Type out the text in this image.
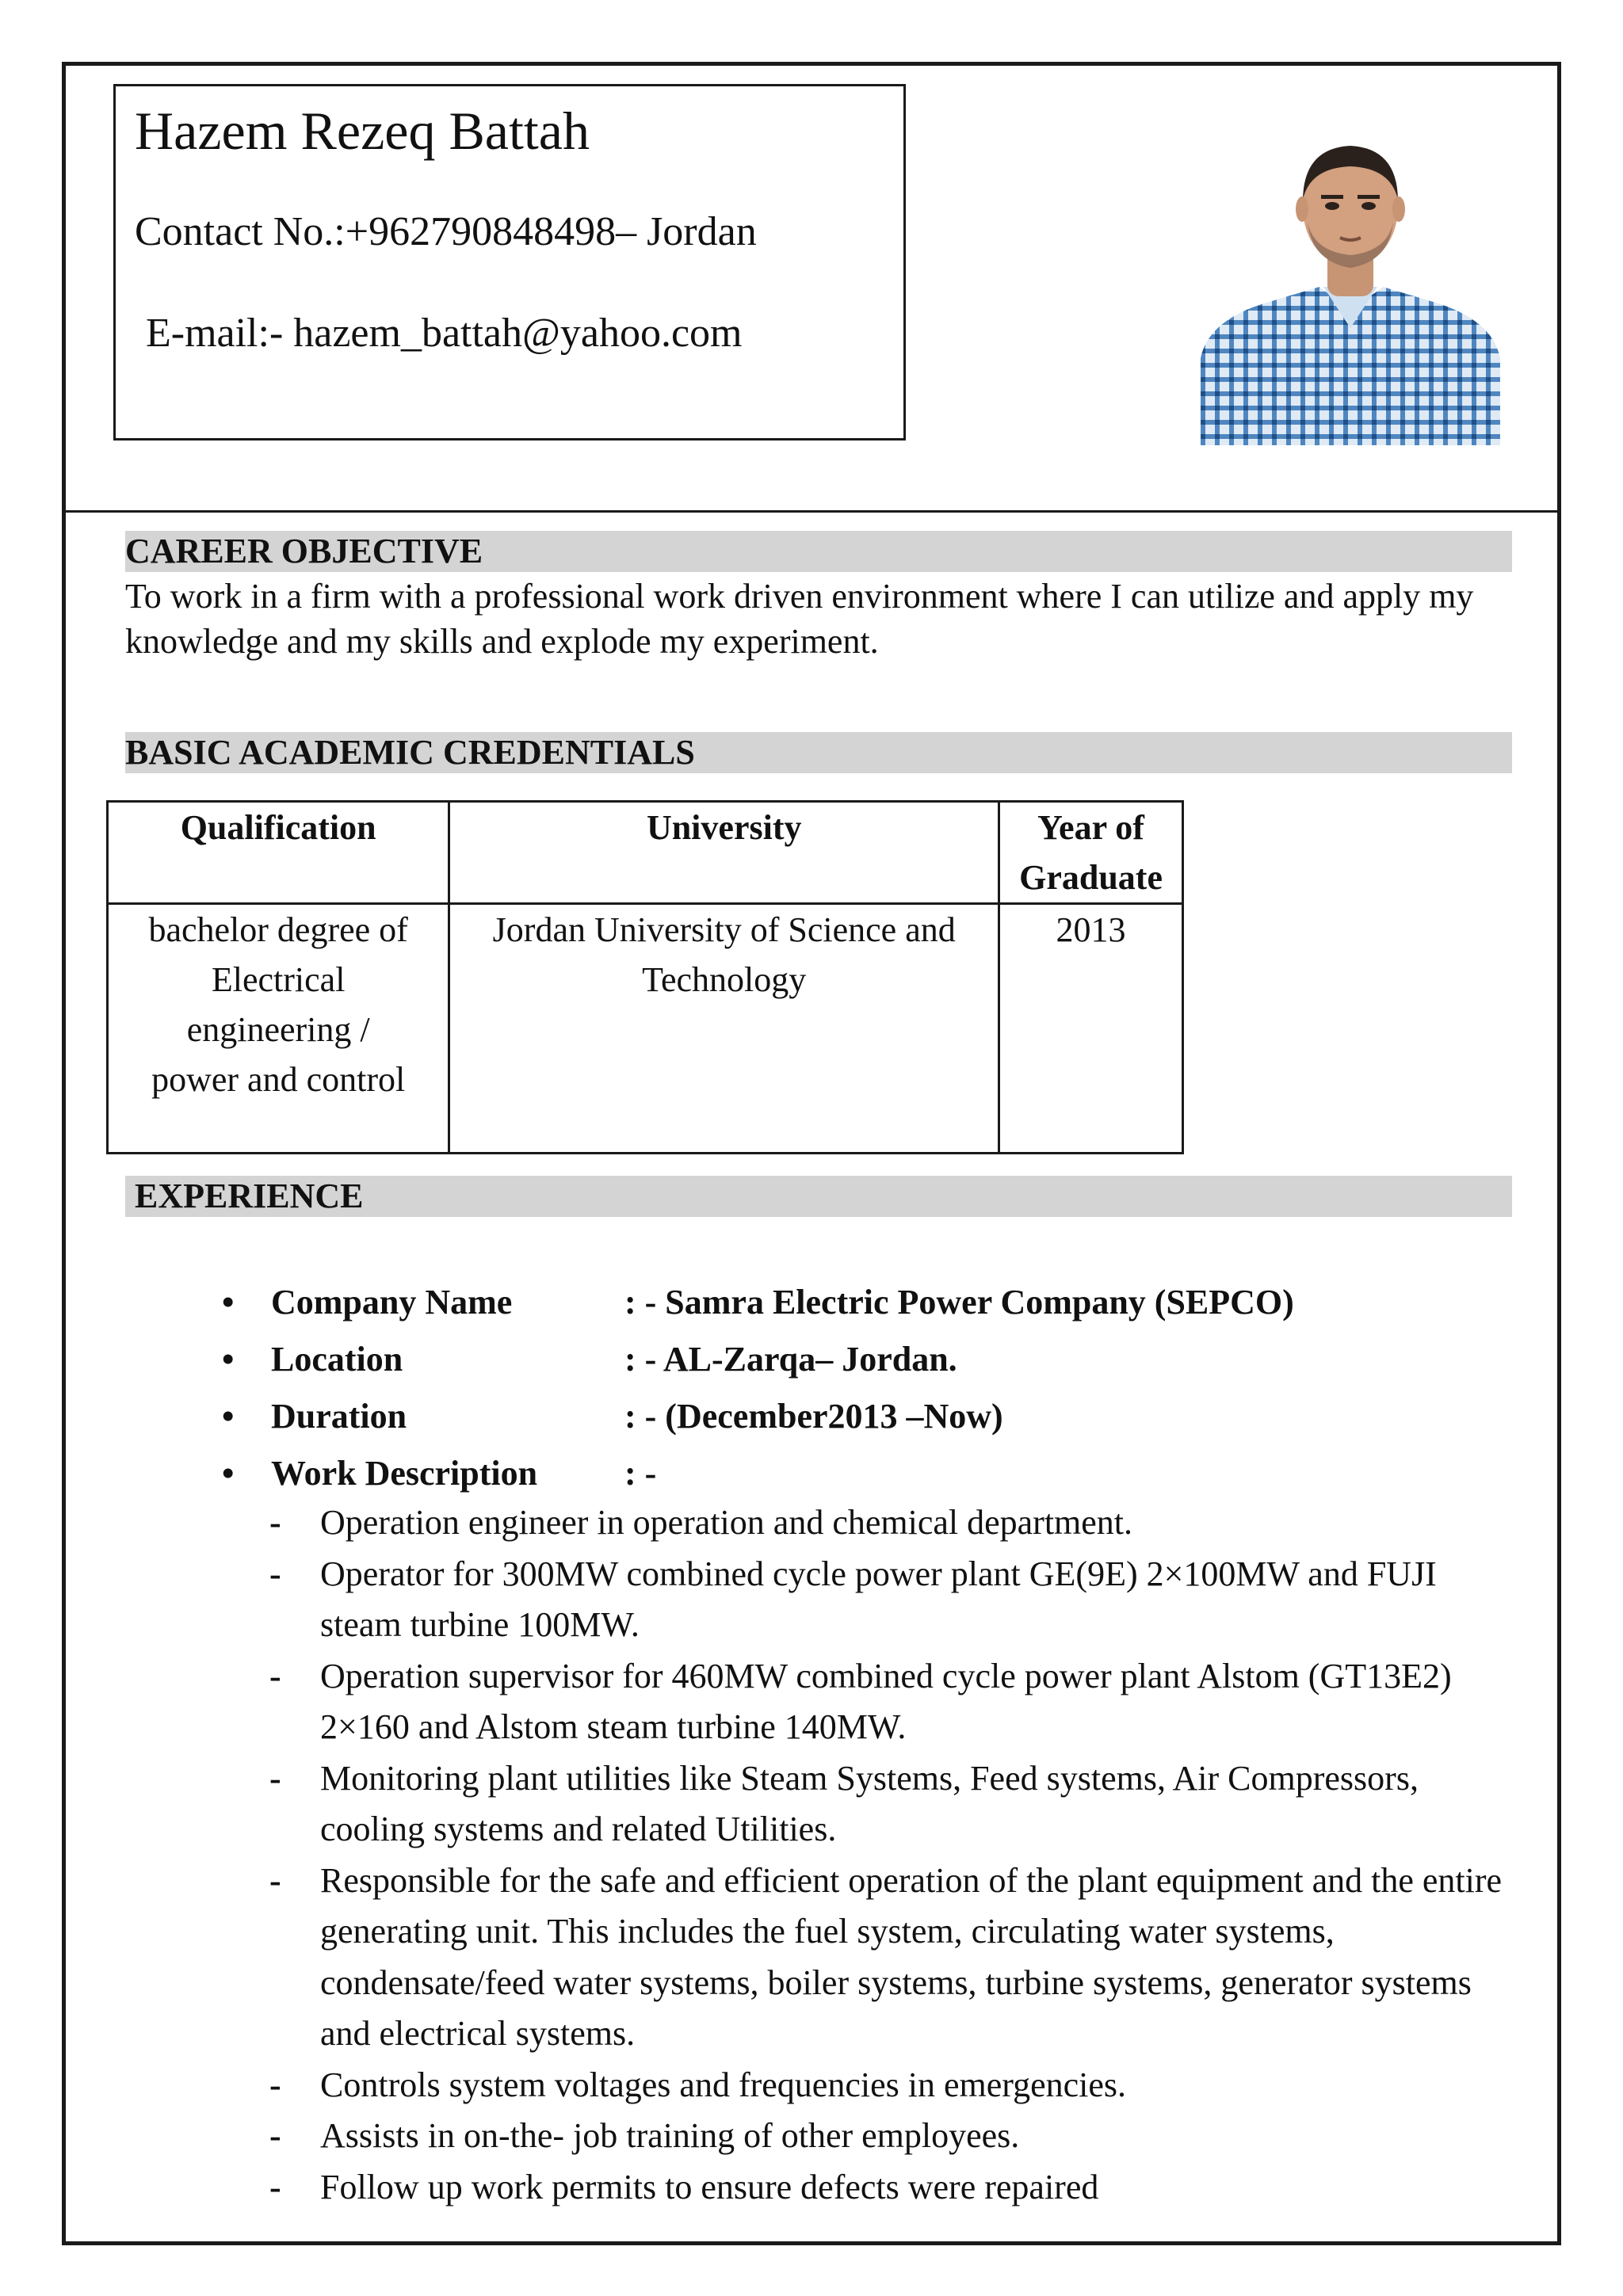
Hazem Rezeq Battah
Contact No.:+962790848498– Jordan
E-mail:- hazem_battah@yahoo.com
CAREER OBJECTIVE
To work in a firm with a professional work driven environment where I can utilize and apply my knowledge and my skills and explode my experiment.
BASIC ACADEMIC CREDENTIALS
Qualification	University	Year of Graduate
bachelor degree of Electrical engineering / power and control	Jordan University of Science and Technology	2013
EXPERIENCE
• Company Name	: - Samra Electric Power Company (SEPCO)
• Location	: - AL-Zarqa– Jordan.
• Duration	: - (December2013 –Now)
• Work Description : -
- Operation engineer in operation and chemical department.
- Operator for 300MW combined cycle power plant GE(9E) 2×100MW and FUJI steam turbine 100MW.
- Operation supervisor for 460MW combined cycle power plant Alstom (GT13E2) 2×160 and Alstom steam turbine 140MW.
- Monitoring plant utilities like Steam Systems, Feed systems, Air Compressors, cooling systems and related Utilities.
- Responsible for the safe and efficient operation of the plant equipment and the entire generating unit. This includes the fuel system, circulating water systems, condensate/feed water systems, boiler systems, turbine systems, generator systems and electrical systems.
- Controls system voltages and frequencies in emergencies.
- Assists in on-the- job training of other employees.
- Follow up work permits to ensure defects were repaired
